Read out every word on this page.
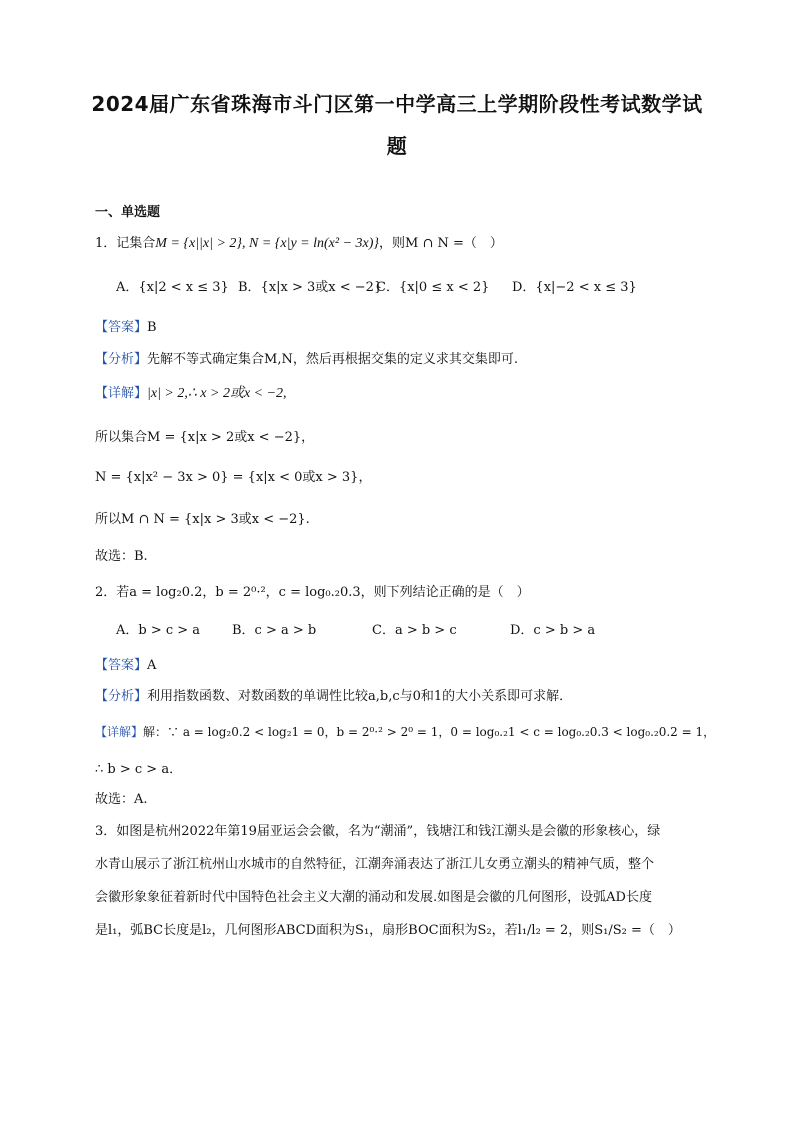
2024届广东省珠海市斗门区第一中学高三上学期阶段性考试数学试
题
一、单选题
1．记集合M = {x||x| > 2}, N = {x|y = ln(x² − 3x)}，则M ∩ N =（　）
A．{x|2 < x ≤ 3} B．{x|x > 3或x < −2}C．{x|0 ≤ x < 2} D．{x|−2 < x ≤ 3}
【答案】B
【分析】先解不等式确定集合M,N，然后再根据交集的定义求其交集即可.
【详解】|x| > 2,∴ x > 2或x < −2,
所以集合M = {x|x > 2或x < −2}，
N = {x|x² − 3x > 0} = {x|x < 0或x > 3}，
所以M ∩ N = {x|x > 3或x < −2}.
故选：B.
2．若a = log₂0.2，b = 2⁰·²，c = log₀.₂0.3，则下列结论正确的是（　）
A．b > c > a B．c > a > b	C．a > b > c	D．c > b > a
【答案】A
【分析】利用指数函数、对数函数的单调性比较a,b,c与0和1的大小关系即可求解．
【详解】解：∵ a = log₂0.2 < log₂1 = 0，b = 2⁰·² > 2⁰ = 1，0 = log₀.₂1 < c = log₀.₂0.3 < log₀.₂0.2 = 1，
∴ b > c > a．
故选：A.
3．如图是杭州2022年第19届亚运会会徽，名为“潮涌”，钱塘江和钱江潮头是会徽的形象核心，绿
水青山展示了浙江杭州山水城市的自然特征，江潮奔涌表达了浙江儿女勇立潮头的精神气质，整个
会徽形象象征着新时代中国特色社会主义大潮的涌动和发展.如图是会徽的几何图形，设弧AD长度
是l₁，弧BC长度是l₂，几何图形ABCD面积为S₁，扇形BOC面积为S₂，若l₁/l₂ = 2，则S₁/S₂ =（　）
